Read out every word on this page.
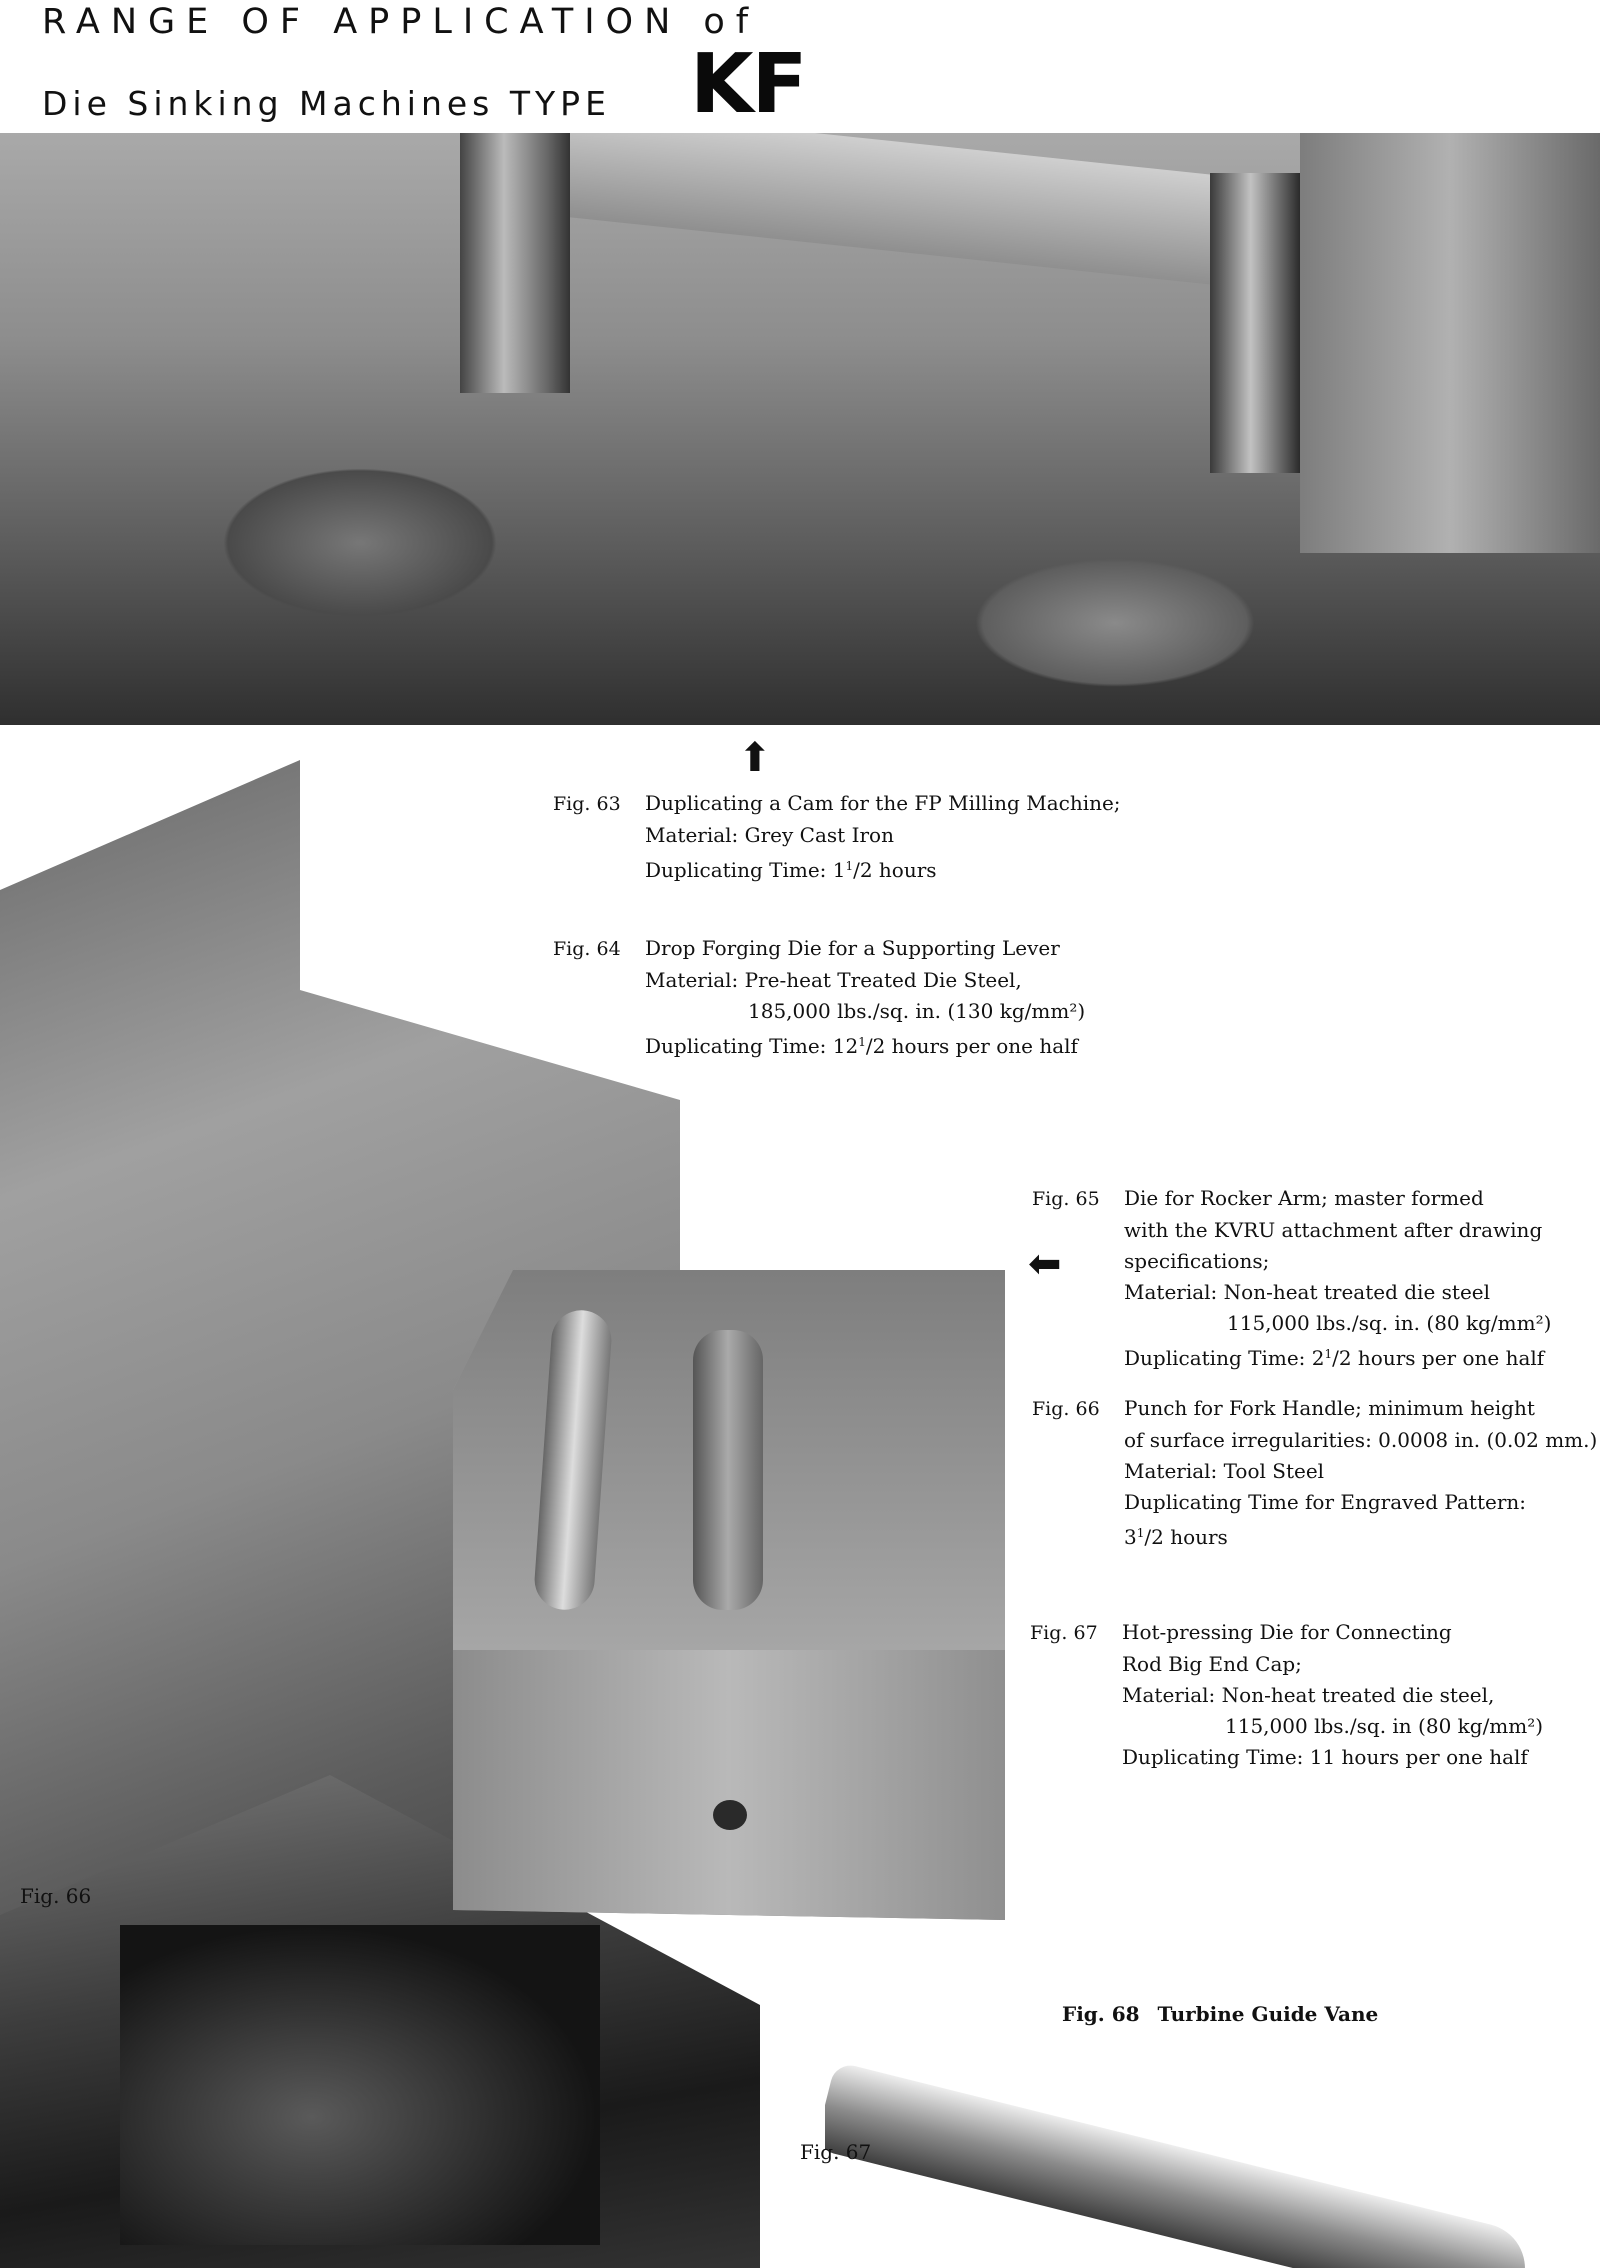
RANGE OF APPLICATION of
Die Sinking Machines TYPE KF
⬆
⬅
Fig. 63 Duplicating a Cam for the FP Milling Machine;
Material: Grey Cast Iron
Duplicating Time: $1^1/2$ hours
Fig. 64 Drop Forging Die for a Supporting Lever
Material: Pre-heat Treated Die Steel,
185,000 lbs./sq. in. (130 kg/mm²)
Duplicating Time: $12^1/2$ hours per one half
Fig. 65 Die for Rocker Arm; master formed
with the KVRU attachment after drawing
specifications;
Material: Non-heat treated die steel
115,000 lbs./sq. in. (80 kg/mm²)
Duplicating Time: $2^1/2$ hours per one half
Fig. 66 Punch for Fork Handle; minimum height
of surface irregularities: 0.0008 in. (0.02 mm.)
Material: Tool Steel
Duplicating Time for Engraved Pattern:
$3^1/2$ hours
Fig. 67 Hot-pressing Die for Connecting
Rod Big End Cap;
Material: Non-heat treated die steel,
115,000 lbs./sq. in (80 kg/mm²)
Duplicating Time: 11 hours per one half
Fig. 68 Turbine Guide Vane
Fig. 66
Fig. 67
